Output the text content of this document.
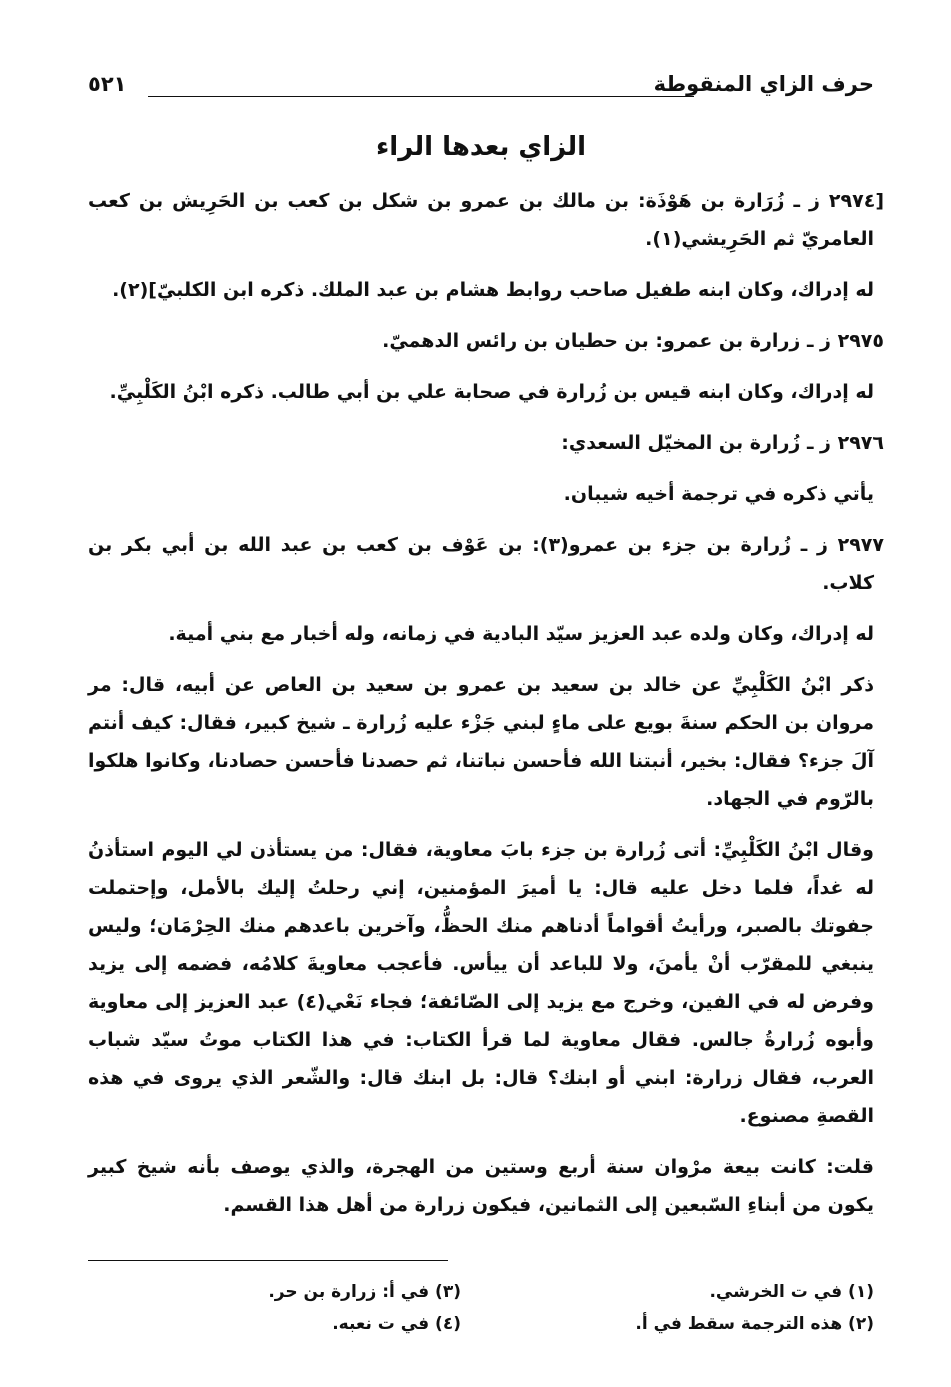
حرف الزاي المنقوطة
٥٢١
الزاي بعدها الراء

[٢٩٧٤ ز ـ زُرَارة بن هَوْذَة: بن مالك بن عمرو بن شكل بن كعب بن الحَرِيش بن كعب العامريّ ثم الحَرِيشي(١).

له إدراك، وكان ابنه طفيل صاحب روابط هشام بن عبد الملك. ذكره ابن الكلبيّ](٢).

٢٩٧٥ ز ـ زرارة بن عمرو: بن حطيان بن رائس الدهميّ.

له إدراك، وكان ابنه قيس بن زُرارة في صحابة علي بن أبي طالب. ذكره ابْنُ الكَلْبِيِّ.

٢٩٧٦ ز ـ زُرارة بن المخيّل السعدي:

يأتي ذكره في ترجمة أخيه شيبان.

٢٩٧٧ ز ـ زُرارة بن جزء بن عمرو(٣): بن عَوْف بن كعب بن عبد الله بن أبي بكر بن كلاب.

له إدراك، وكان ولده عبد العزيز سيّد البادية في زمانه، وله أخبار مع بني أمية.

ذكر ابْنُ الكَلْبِيِّ عن خالد بن سعيد بن عمرو بن سعيد بن العاص عن أبيه، قال: مر مروان بن الحكم سنةَ بويع على ماءٍ لبني جَزْء عليه زُرارة ـ شيخ كبير، فقال: كيف أنتم آلَ جزء؟ فقال: بخير، أنبتنا الله فأحسن نباتنا، ثم حصدنا فأحسن حصادنا، وكانوا هلكوا بالرّوم في الجهاد.

وقال ابْنُ الكَلْبِيِّ: أتى زُرارة بن جزء بابَ معاوية، فقال: من يستأذن لي اليوم استأذنُ له غداً، فلما دخل عليه قال: يا أميرَ المؤمنين، إني رحلتُ إليك بالأمل، وإحتملت جفوتك بالصبر، ورأيتُ أقواماً أدناهم منك الحظُّ، وآخرين باعدهم منك الحِرْمَان؛ وليس ينبغي للمقرّب أنْ يأمنَ، ولا للباعد أن ييأس. فأعجب معاويةَ كلامُه، فضمه إلى يزيد وفرض له في الفين، وخرج مع يزيد إلى الصّائفة؛ فجاء نَعْي(٤) عبد العزيز إلى معاوية وأبوه زُرارةُ جالس. فقال معاوية لما قرأ الكتاب: في هذا الكتاب موتُ سيّد شباب العرب، فقال زرارة: ابني أو ابنك؟ قال: بل ابنك قال: والشّعر الذي يروى في هذه القصةِ مصنوع.

قلت: كانت بيعة مرْوان سنة أربع وستين من الهجرة، والذي يوصف بأنه شيخ كبير يكون من أبناءِ السّبعين إلى الثمانين، فيكون زرارة من أهل هذا القسم.

(١) في ت الخرشي.
(٣) في أ: زرارة بن حر.
(٢) هذه الترجمة سقط في أ.
(٤) في ت نعبه.
